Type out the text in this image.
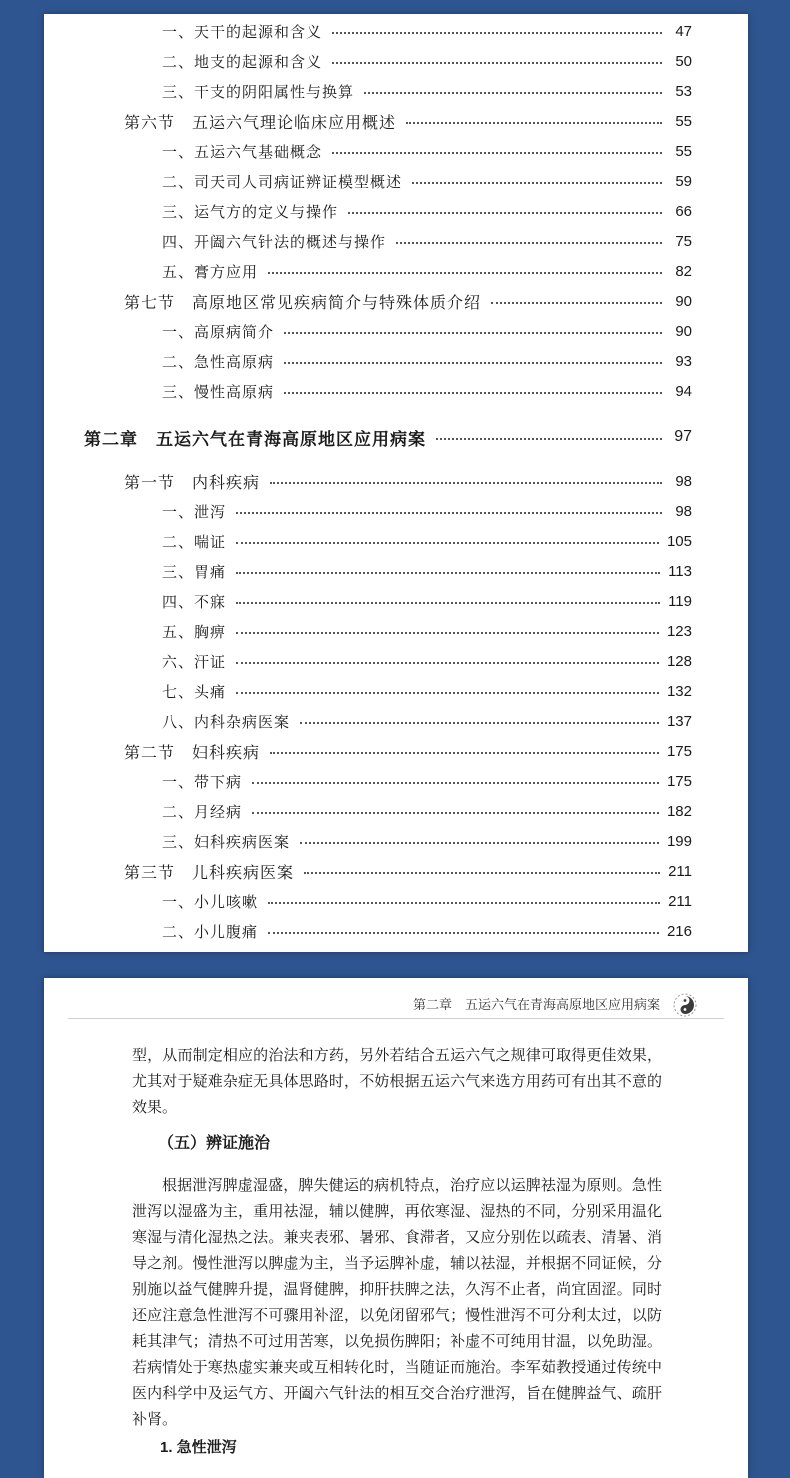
一、天干的起源和含义	47
二、地支的起源和含义	50
三、干支的阴阳属性与换算	53
第六节　五运六气理论临床应用概述	55
一、五运六气基础概念	55
二、司天司人司病证辨证模型概述	59
三、运气方的定义与操作	66
四、开阖六气针法的概述与操作	75
五、膏方应用	82
第七节　高原地区常见疾病简介与特殊体质介绍	90
一、高原病简介	90
二、急性高原病	93
三、慢性高原病	94
第二章　五运六气在青海高原地区应用病案	97
第一节　内科疾病	98
一、泄泻	98
二、喘证	105
三、胃痛	113
四、不寐	119
五、胸痹	123
六、汗证	128
七、头痛	132
八、内科杂病医案	137
第二节　妇科疾病	175
一、带下病	175
二、月经病	182
三、妇科疾病医案	199
第三节　儿科疾病医案	211
一、小儿咳嗽	211
二、小儿腹痛	216
第二章　五运六气在青海高原地区应用病案

型，从而制定相应的治法和方药，另外若结合五运六气之规律可取得更佳效果，尤其对于疑难杂症无具体思路时，不妨根据五运六气来选方用药可有出其不意的效果。

（五）辨证施治

根据泄泻脾虚湿盛，脾失健运的病机特点，治疗应以运脾祛湿为原则。急性泄泻以湿盛为主，重用祛湿，辅以健脾，再依寒湿、湿热的不同，分别采用温化寒湿与清化湿热之法。兼夹表邪、暑邪、食滞者，又应分别佐以疏表、清暑、消导之剂。慢性泄泻以脾虚为主，当予运脾补虚，辅以祛湿，并根据不同证候，分别施以益气健脾升提，温肾健脾，抑肝扶脾之法，久泻不止者，尚宜固涩。同时还应注意急性泄泻不可骤用补涩，以免闭留邪气；慢性泄泻不可分利太过，以防耗其津气；清热不可过用苦寒，以免损伤脾阳；补虚不可纯用甘温，以免助湿。若病情处于寒热虚实兼夹或互相转化时，当随证而施治。李军茹教授通过传统中医内科学中及运气方、开阖六气针法的相互交合治疗泄泻，旨在健脾益气、疏肝补肾。

1. 急性泄泻
